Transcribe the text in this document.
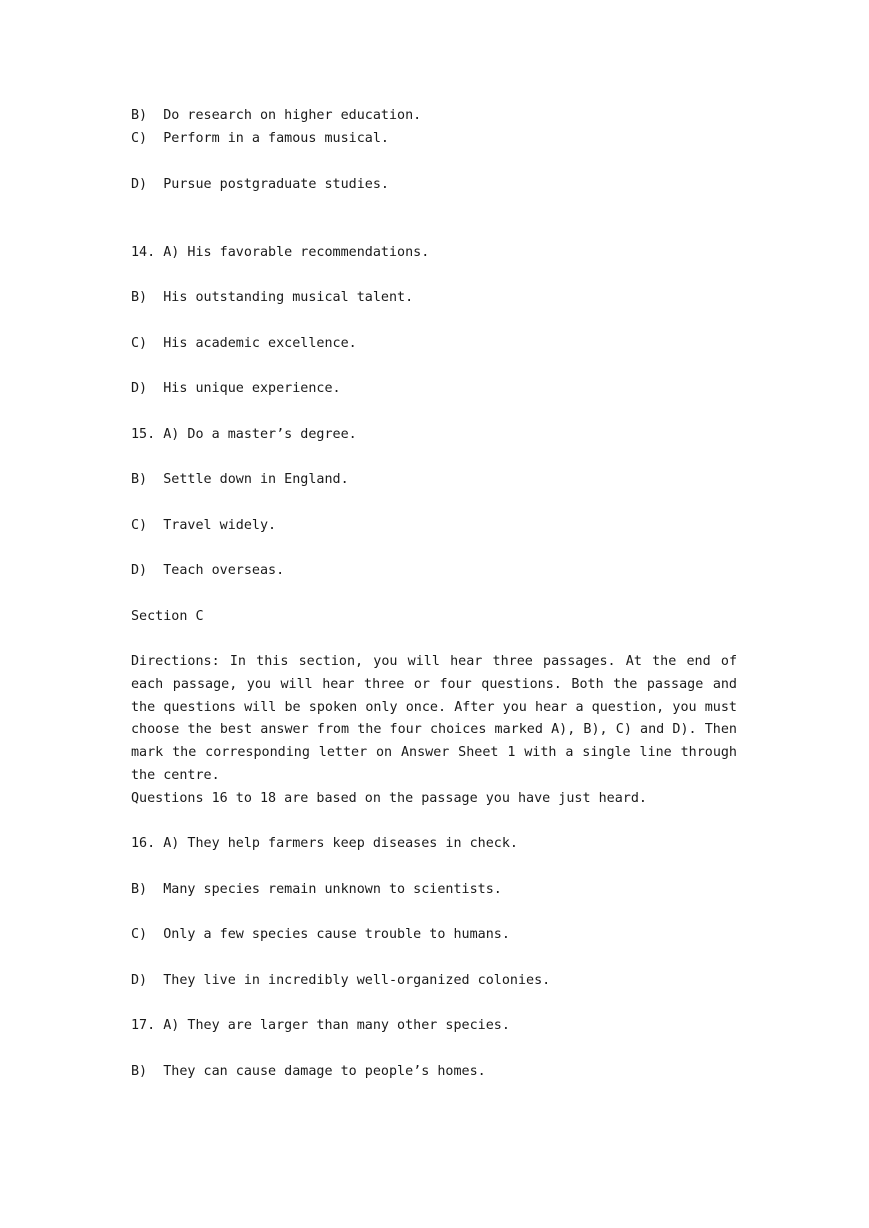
B)  Do research on higher education.

C)  Perform in a famous musical.

D)  Pursue postgraduate studies.

14. A) His favorable recommendations.

B)  His outstanding musical talent.

C)  His academic excellence.

D)  His unique experience.

15. A) Do a master’s degree.

B)  Settle down in England.

C)  Travel widely.

D)  Teach overseas.

Section C

Directions: In this section, you will hear three passages. At the end of each passage, you will hear three or four questions. Both the passage and the questions will be spoken only once. After you hear a question, you must choose the best answer from the four choices marked A), B), C) and D). Then mark the corresponding letter on Answer Sheet 1 with a single line through the centre.

Questions 16 to 18 are based on the passage you have just heard.

16. A) They help farmers keep diseases in check.

B)  Many species remain unknown to scientists.

C)  Only a few species cause trouble to humans.

D)  They live in incredibly well-organized colonies.

17. A) They are larger than many other species.

B)  They can cause damage to people’s homes.
